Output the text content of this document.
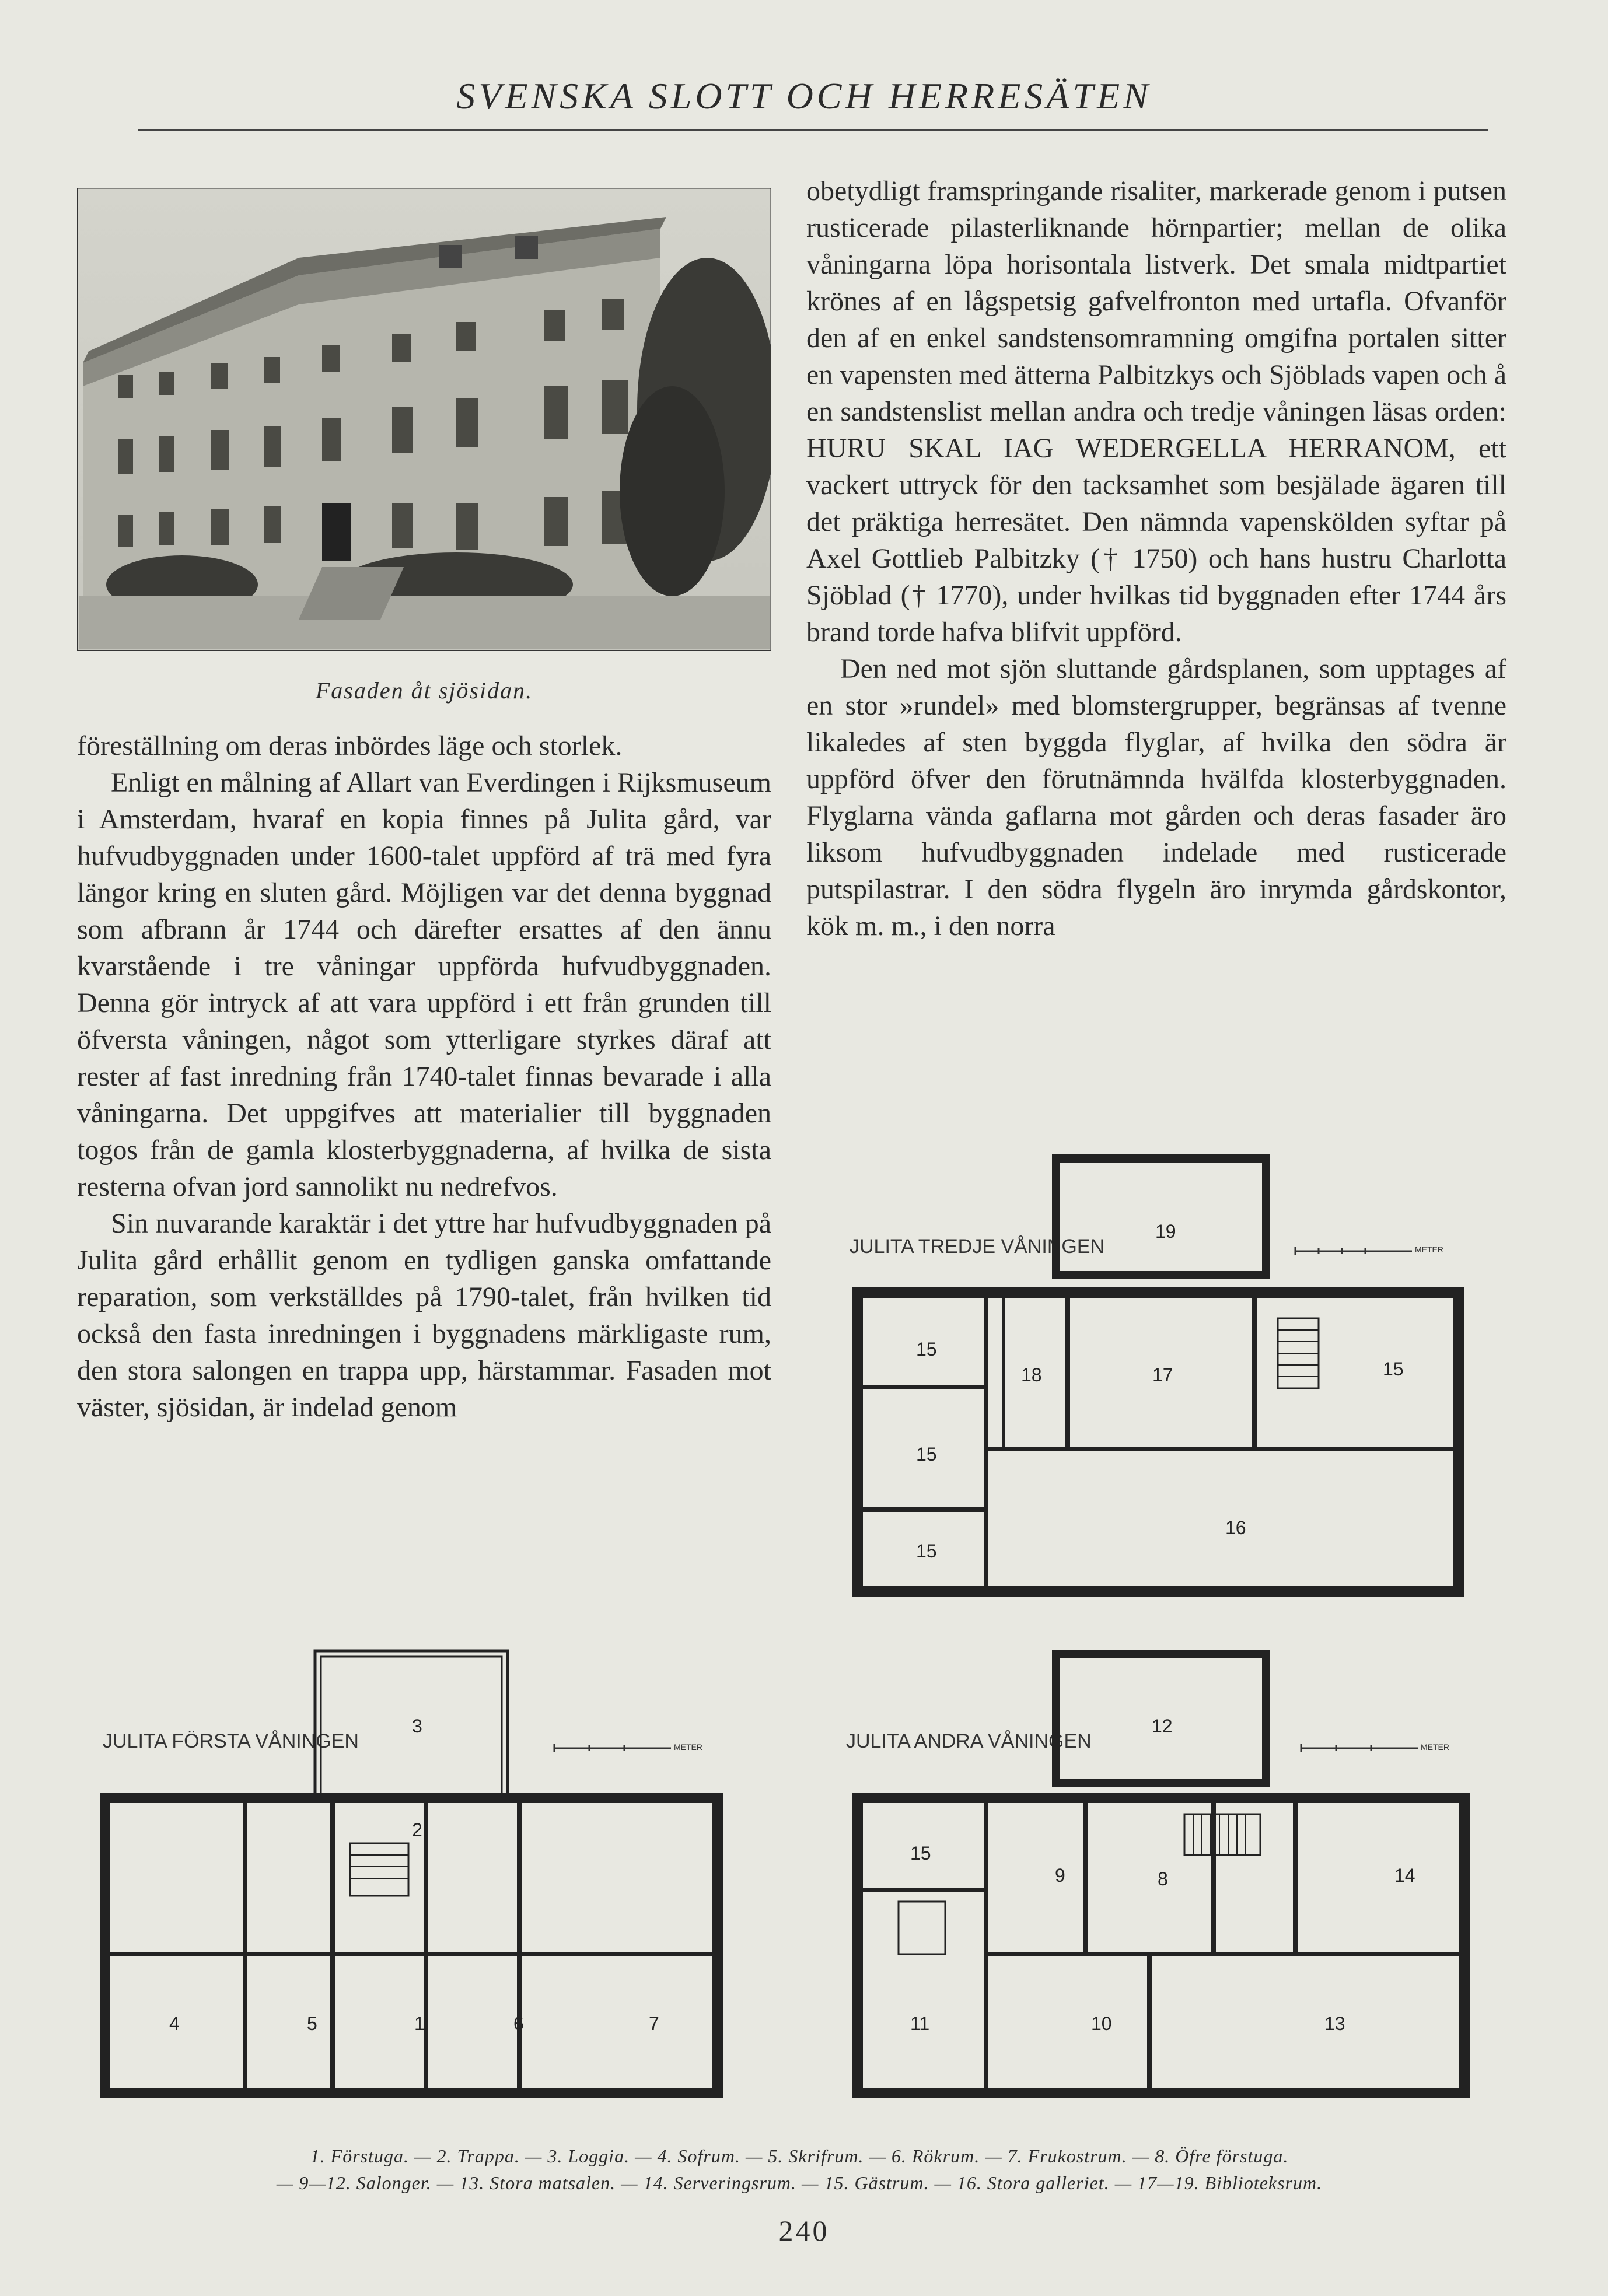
SVENSKA SLOTT OCH HERRESÄTEN
Fasaden åt sjösidan.

föreställning om deras inbördes läge och storlek.

Enligt en målning af Allart van Everdingen i Rijksmuseum i Amsterdam, hvaraf en kopia finnes på Julita gård, var hufvudbyggnaden under 1600-talet uppförd af trä med fyra längor kring en sluten gård. Möjligen var det denna byggnad som afbrann år 1744 och därefter ersattes af den ännu kvarstående i tre våningar uppförda hufvudbyggnaden. Denna gör intryck af att vara uppförd i ett från grunden till öfversta våningen, något som ytterligare styrkes däraf att rester af fast inredning från 1740-talet finnas bevarade i alla våningarna. Det uppgifves att materialier till byggnaden togos från de gamla klosterbyggnaderna, af hvilka de sista resterna ofvan jord sannolikt nu nedrefvos.

Sin nuvarande karaktär i det yttre har hufvudbyggnaden på Julita gård erhållit genom en tydligen ganska omfattande reparation, som verkställdes på 1790-talet, från hvilken tid också den fasta inredningen i byggnadens märkligaste rum, den stora salongen en trappa upp, härstammar. Fasaden mot väster, sjösidan, är indelad genom

obetydligt framspringande risaliter, markerade genom i putsen rusticerade pilasterliknande hörnpartier; mellan de olika våningarna löpa horisontala listverk. Det smala midtpartiet krönes af en lågspetsig gafvelfronton med urtafla. Ofvanför den af en enkel sandstensomramning omgifna portalen sitter en vapensten med ätterna Palbitzkys och Sjöblads vapen och å en sandstenslist mellan andra och tredje våningen läsas orden: HURU SKAL IAG WEDERGELLA HERRANOM, ett vackert uttryck för den tacksamhet som besjälade ägaren till det präktiga herresätet. Den nämnda vapenskölden syftar på Axel Gottlieb Palbitzky († 1750) och hans hustru Charlotta Sjöblad († 1770), under hvilkas tid byggnaden efter 1744 års brand torde hafva blifvit uppförd.

Den ned mot sjön sluttande gårdsplanen, som upptages af en stor »rundel» med blomstergrupper, begränsas af tvenne likaledes af sten byggda flyglar, af hvilka den södra är uppförd öfver den förutnämnda hvälfda klosterbyggnaden. Flyglarna vända gaflarna mot gården och deras fasader äro liksom hufvudbyggnaden indelade med rusticerade putspilastrar. I den södra flygeln äro inrymda gårdskontor, kök m. m., i den norra

JULITA TREDJE VÅNINGEN	METER
19
15
18	17	15
15
16
15
JULITA FÖRSTA VÅNINGEN	METER
3
2
4	5	1	6	7
JULITA ANDRA VÅNINGEN	METER
12
15
9	8	14
11	10	13
1. Förstuga. — 2. Trappa. — 3. Loggia. — 4. Sofrum. — 5. Skrifrum. — 6. Rökrum. — 7. Frukostrum. — 8. Öfre förstuga.
— 9—12. Salonger. — 13. Stora matsalen. — 14. Serveringsrum. — 15. Gästrum. — 16. Stora galleriet. — 17—19. Biblioteksrum.
240
